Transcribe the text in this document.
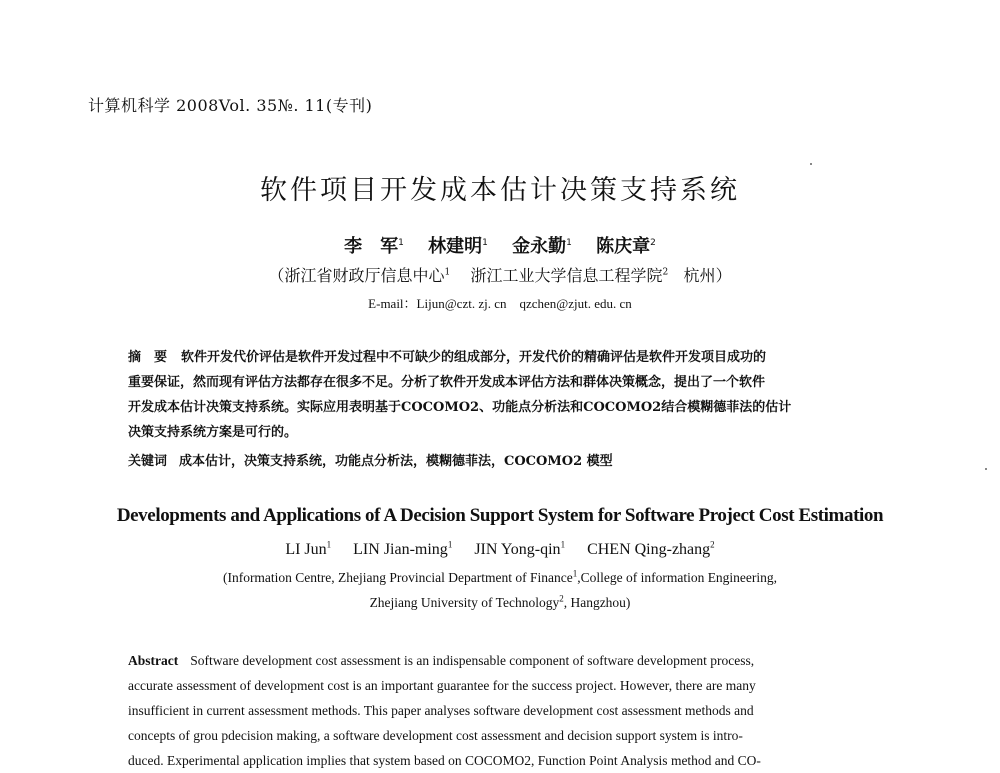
计算机科学 2008Vol. 35№. 11(专刊)
软件项目开发成本估计决策支持系统
李　军$^1$ 林建明$^1$ 金永勤$^1$ 陈庆章$^2$
（浙江省财政厅信息中心$^1$ 浙江工业大学信息工程学院$^2$ 杭州）
E-mail：Lijun@czt. zj. cn　qzchen@zjut. edu. cn
摘　要 软件开发代价评估是软件开发过程中不可缺少的组成部分，开发代价的精确评估是软件开发项目成功的
重要保证，然而现有评估方法都存在很多不足。分析了软件开发成本评估方法和群体决策概念，提出了一个软件
开发成本估计决策支持系统。实际应用表明基于COCOMO2、功能点分析法和COCOMO2结合模糊德菲法的估计
决策支持系统方案是可行的。
关键词 成本估计，决策支持系统，功能点分析法，模糊德菲法，COCOMO2 模型
Developments and Applications of A Decision Support System for Software Project Cost Estimation
LI Jun$^1$ LIN Jian-ming$^1$ JIN Yong-qin$^1$ CHEN Qing-zhang$^2$
(Information Centre, Zhejiang Provincial Department of Finance$^1$,College of information Engineering,
Zhejiang University of Technology$^2$, Hangzhou)
Abstract Software development cost assessment is an indispensable component of software development process,
accurate assessment of development cost is an important guarantee for the success project. However, there are many
insufficient in current assessment methods. This paper analyses software development cost assessment methods and
concepts of grou pdecision making, a software development cost assessment and decision support system is intro-
duced. Experimental application implies that system based on COCOMO2, Function Point Analysis method and CO-
